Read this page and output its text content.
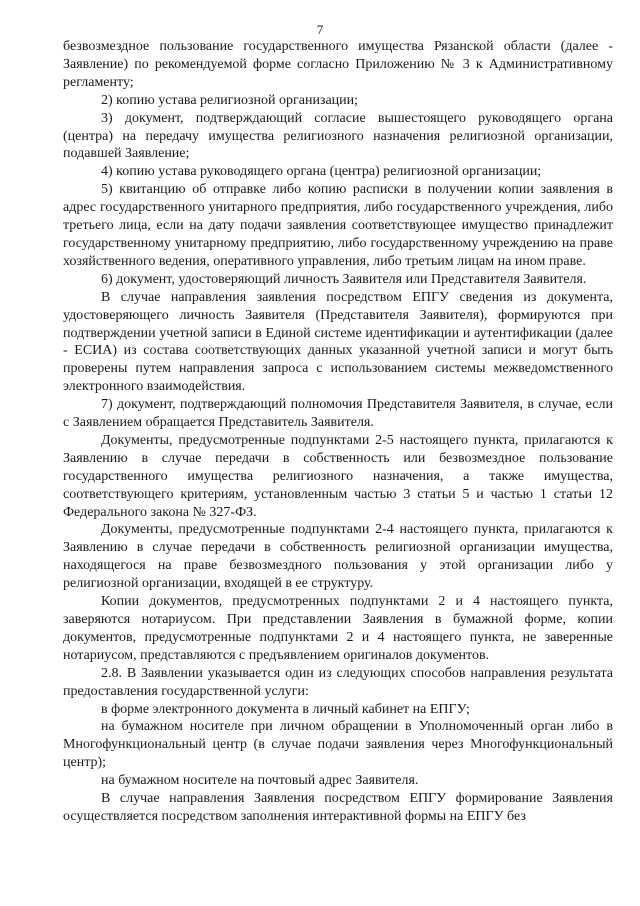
7

безвозмездное пользование государственного имущества Рязанской области (далее - Заявление) по рекомендуемой форме согласно Приложению № 3 к Административному регламенту;

2) копию устава религиозной организации;

3) документ, подтверждающий согласие вышестоящего руководящего органа (центра) на передачу имущества религиозного назначения религиозной организации, подавшей Заявление;

4) копию устава руководящего органа (центра) религиозной организации;

5) квитанцию об отправке либо копию расписки в получении копии заявления в адрес государственного унитарного предприятия, либо государственного учреждения, либо третьего лица, если на дату подачи заявления соответствующее имущество принадлежит государственному унитарному предприятию, либо государственному учреждению на праве хозяйственного ведения, оперативного управления, либо третьим лицам на ином праве.

6) документ, удостоверяющий личность Заявителя или Представителя Заявителя.

В случае направления заявления посредством ЕПГУ сведения из документа, удостоверяющего личность Заявителя (Представителя Заявителя), формируются при подтверждении учетной записи в Единой системе идентификации и аутентификации (далее - ЕСИА) из состава соответствующих данных указанной учетной записи и могут быть проверены путем направления запроса с использованием системы межведомственного электронного взаимодействия.

7) документ, подтверждающий полномочия Представителя Заявителя, в случае, если с Заявлением обращается Представитель Заявителя.

Документы, предусмотренные подпунктами 2-5 настоящего пункта, прилагаются к Заявлению в случае передачи в собственность или безвозмездное пользование государственного имущества религиозного назначения, а также имущества, соответствующего критериям, установленным частью 3 статьи 5 и частью 1 статьи 12 Федерального закона № 327-ФЗ.

Документы, предусмотренные подпунктами 2-4 настоящего пункта, прилагаются к Заявлению в случае передачи в собственность религиозной организации имущества, находящегося на праве безвозмездного пользования у этой организации либо у религиозной организации, входящей в ее структуру.

Копии документов, предусмотренных подпунктами 2 и 4 настоящего пункта, заверяются нотариусом. При представлении Заявления в бумажной форме, копии документов, предусмотренные подпунктами 2 и 4 настоящего пункта, не заверенные нотариусом, представляются с предъявлением оригиналов документов.

2.8. В Заявлении указывается один из следующих способов направления результата предоставления государственной услуги:

в форме электронного документа в личный кабинет на ЕПГУ;

на бумажном носителе при личном обращении в Уполномоченный орган либо в Многофункциональный центр (в случае подачи заявления через Многофункциональный центр);

на бумажном носителе на почтовый адрес Заявителя.

В случае направления Заявления посредством ЕПГУ формирование Заявления осуществляется посредством заполнения интерактивной формы на ЕПГУ без
